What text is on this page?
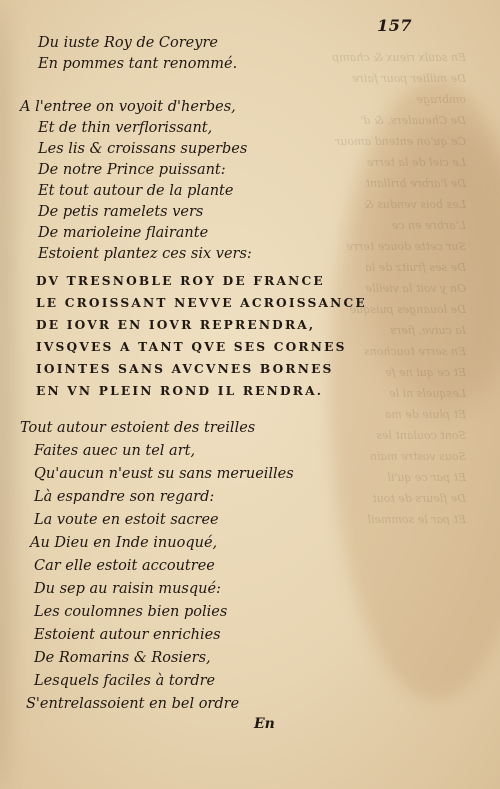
En saulx rieux & champ
De millier pour faire ombrage
De Cheualers, & d'
Ce qu'on entend amour
Le ciel de la terre
De l'arbre brillant
Les bois vendus &
L'arbre en ce
Sur cette douce terre
De ses fruitz de la
On y voit la vieille
De louanges puisque
Ia cuive, fiers
En serre touchons
Et ce qui ne fe
Lesquels ni le
Et pluie de ma
Sont coulant les
Sous vostre main
Et par ce qu'il
De fleurs de tout
Et par le sommeil
157
Du iuste Roy de Coreyre
En pommes tant renommé.
A l'entree on voyoit d'herbes,
Et de thin verflorissant,
Les lis & croissans superbes
De notre Prince puissant:
Et tout autour de la plante
De petis ramelets vers
De marioleine flairante
Estoient plantez ces six vers:
DV TRESNOBLE ROY DE FRANCE
LE CROISSANT NEVVE ACROISSANCE
DE IOVR EN IOVR REPRENDRA,
IVSQVES A TANT QVE SES CORNES
IOINTES SANS AVCVNES BORNES
EN VN PLEIN ROND IL RENDRA.
Tout autour estoient des treilles
Faites auec un tel art,
Qu'aucun n'eust su sans merueilles
Là espandre son regard:
La voute en estoit sacree
Au Dieu en Inde inuoqué,
Car elle estoit accoutree
Du sep au raisin musqué:
Les coulomnes bien polies
Estoient autour enrichies
De Romarins & Rosiers,
Lesquels faciles à tordre
S'entrelassoient en bel ordre
En
